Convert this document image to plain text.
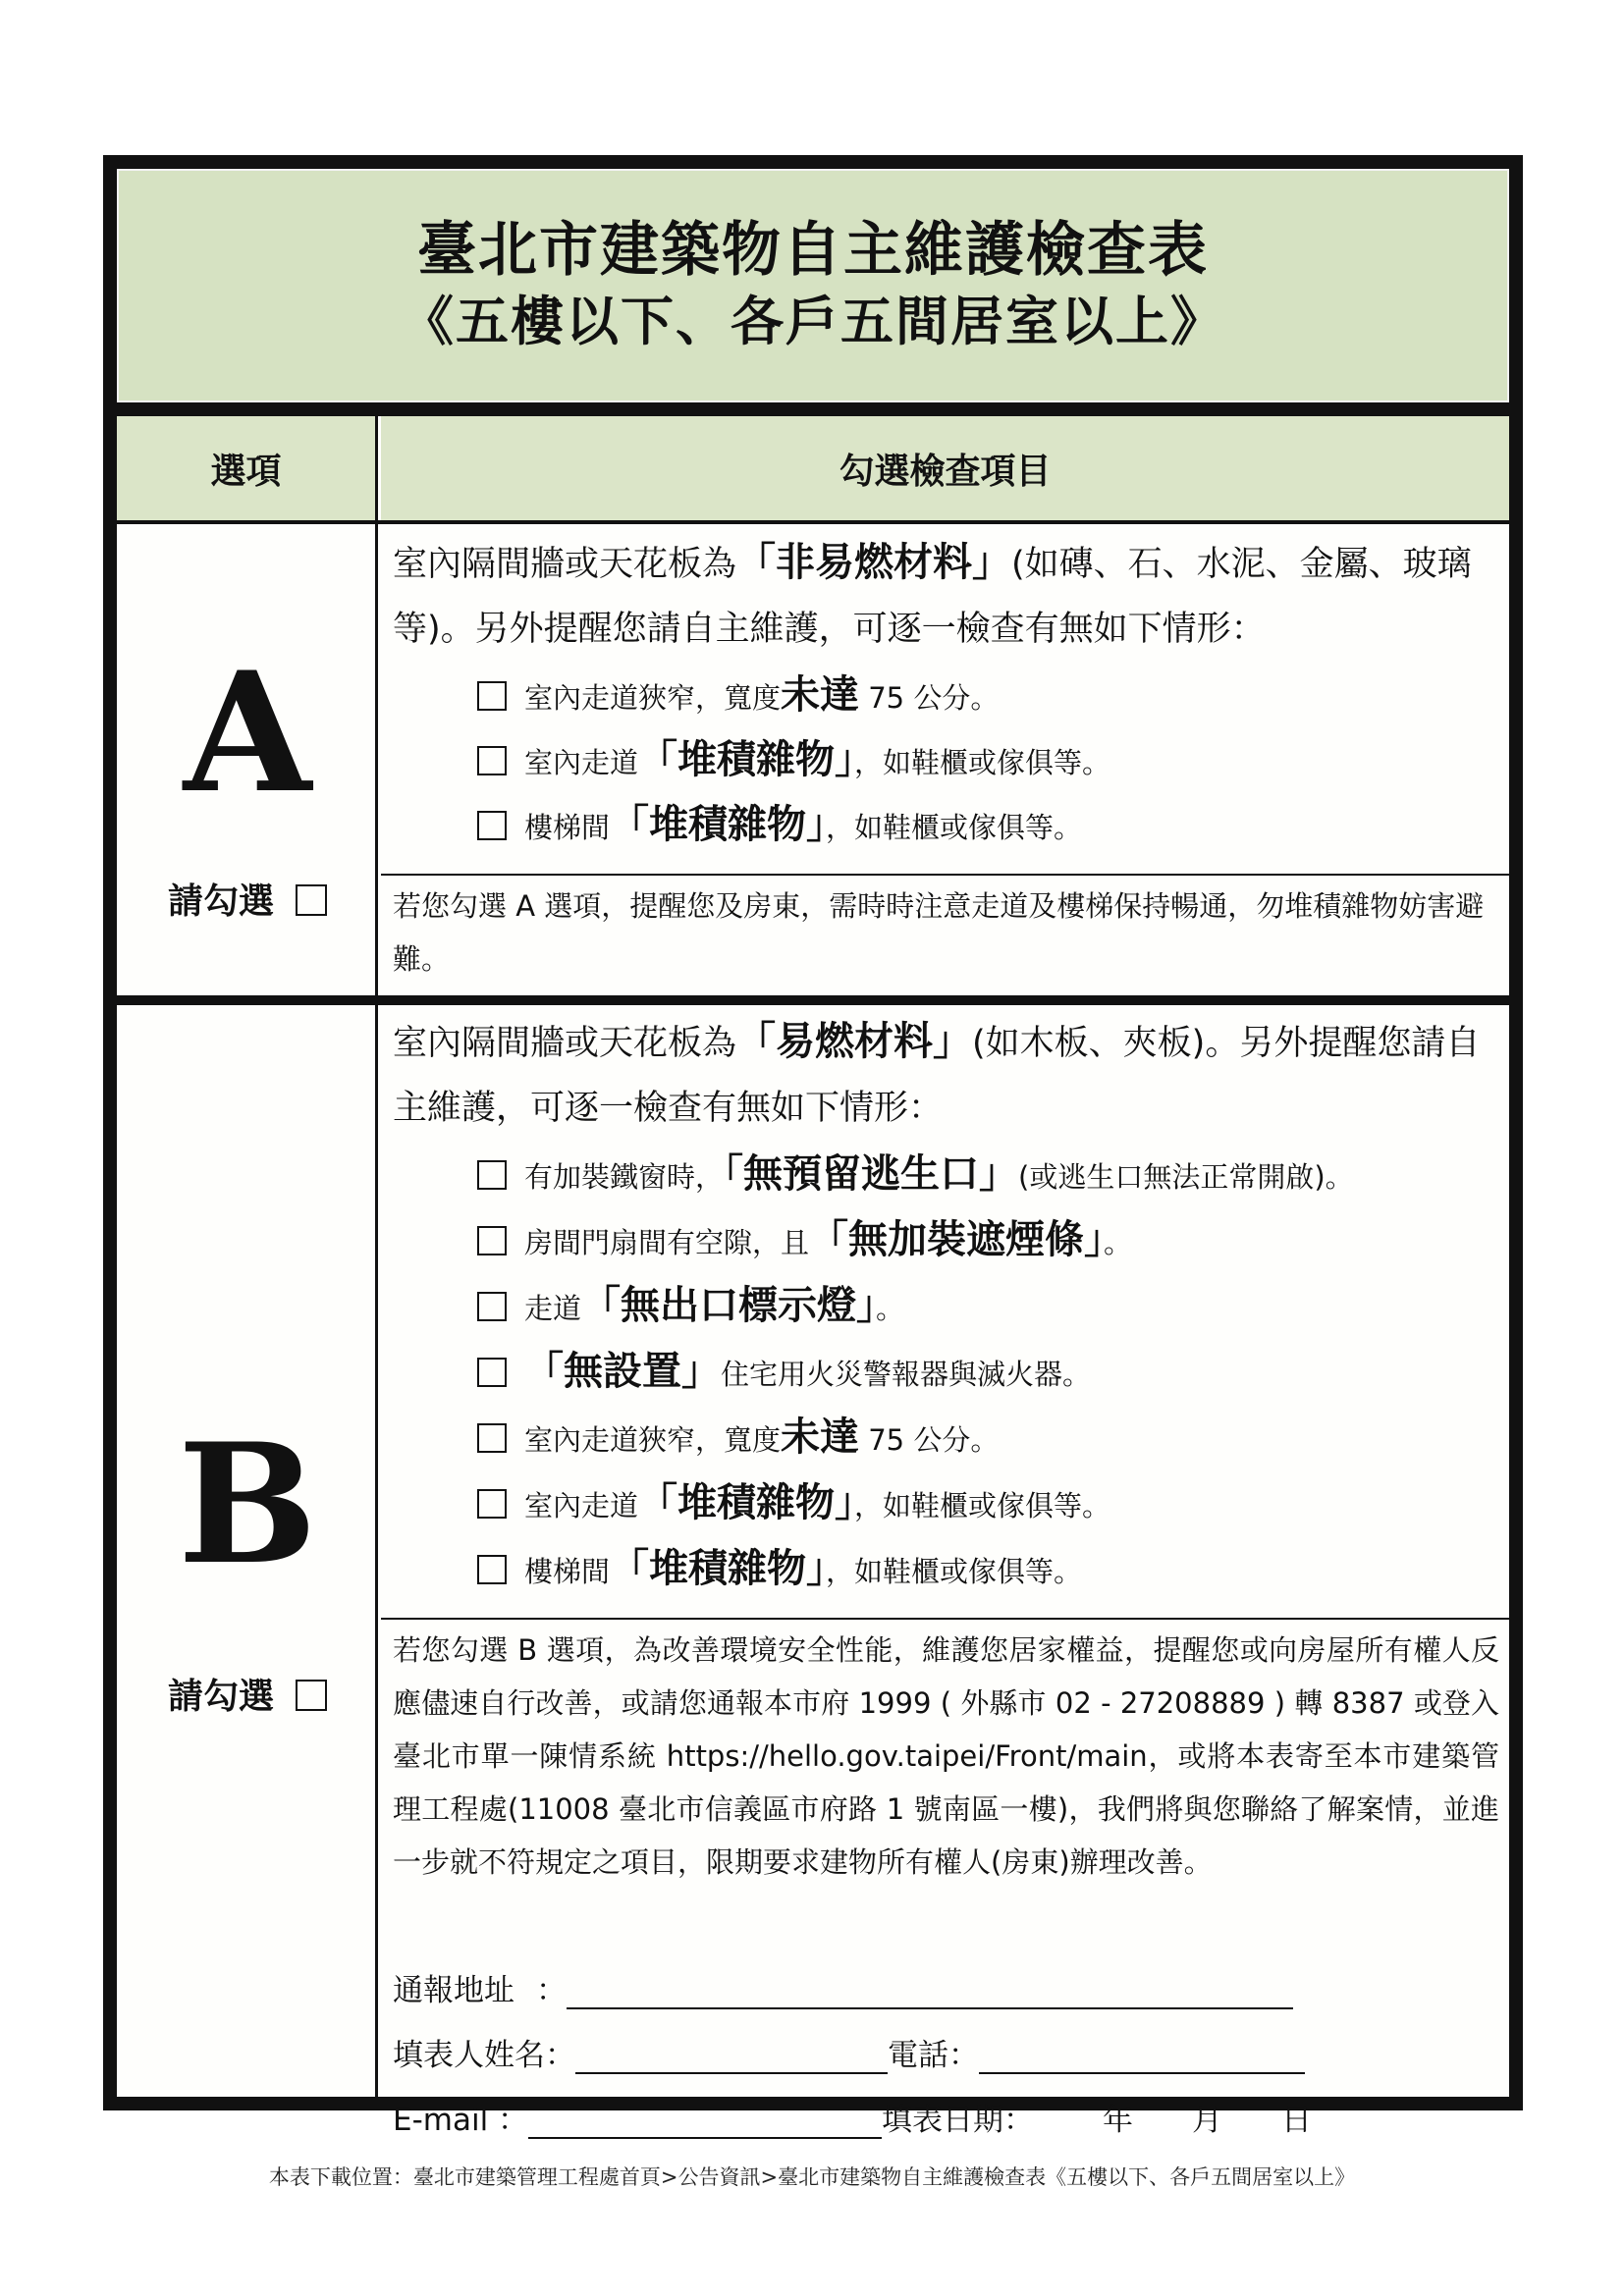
臺北市建築物自主維護檢查表
《五樓以下、各戶五間居室以上》
選項	勾選檢查項目
A
請勾選
室內隔間牆或天花板為「非易燃材料」(如磚、石、水泥、金屬、玻璃等)。另外提醒您請自主維護，可逐一檢查有無如下情形：
室內走道狹窄，寬度未達 75 公分。
室內走道「堆積雜物」，如鞋櫃或傢俱等。
樓梯間「堆積雜物」，如鞋櫃或傢俱等。
若您勾選 A 選項，提醒您及房東，需時時注意走道及樓梯保持暢通，勿堆積雜物妨害避難。
B
請勾選
室內隔間牆或天花板為「易燃材料」(如木板、夾板)。另外提醒您請自主維護，可逐一檢查有無如下情形：
有加裝鐵窗時，「無預留逃生口」(或逃生口無法正常開啟)。
房間門扇間有空隙，且「無加裝遮煙條」。
走道「無出口標示燈」。
「無設置」住宅用火災警報器與滅火器。
室內走道狹窄，寬度未達 75 公分。
室內走道「堆積雜物」，如鞋櫃或傢俱等。
樓梯間「堆積雜物」，如鞋櫃或傢俱等。
若您勾選 B 選項，為改善環境安全性能，維護您居家權益，提醒您或向房屋所有權人反應儘速自行改善，或請您通報本市府 1999 ( 外縣市 02 - 27208889 ) 轉 8387 或登入臺北市單一陳情系統 https://hello.gov.taipei/Front/main，或將本表寄至本市建築管理工程處(11008 臺北市信義區市府路 1 號南區一樓)，我們將與您聯絡了解案情，並進一步就不符規定之項目，限期要求建物所有權人(房東)辦理改善。
通報地址 ：
填表人姓名：	電話：
E-mail ：	填表日期： 年 月 日
本表下載位置：臺北市建築管理工程處首頁>公告資訊>臺北市建築物自主維護檢查表《五樓以下、各戶五間居室以上》
